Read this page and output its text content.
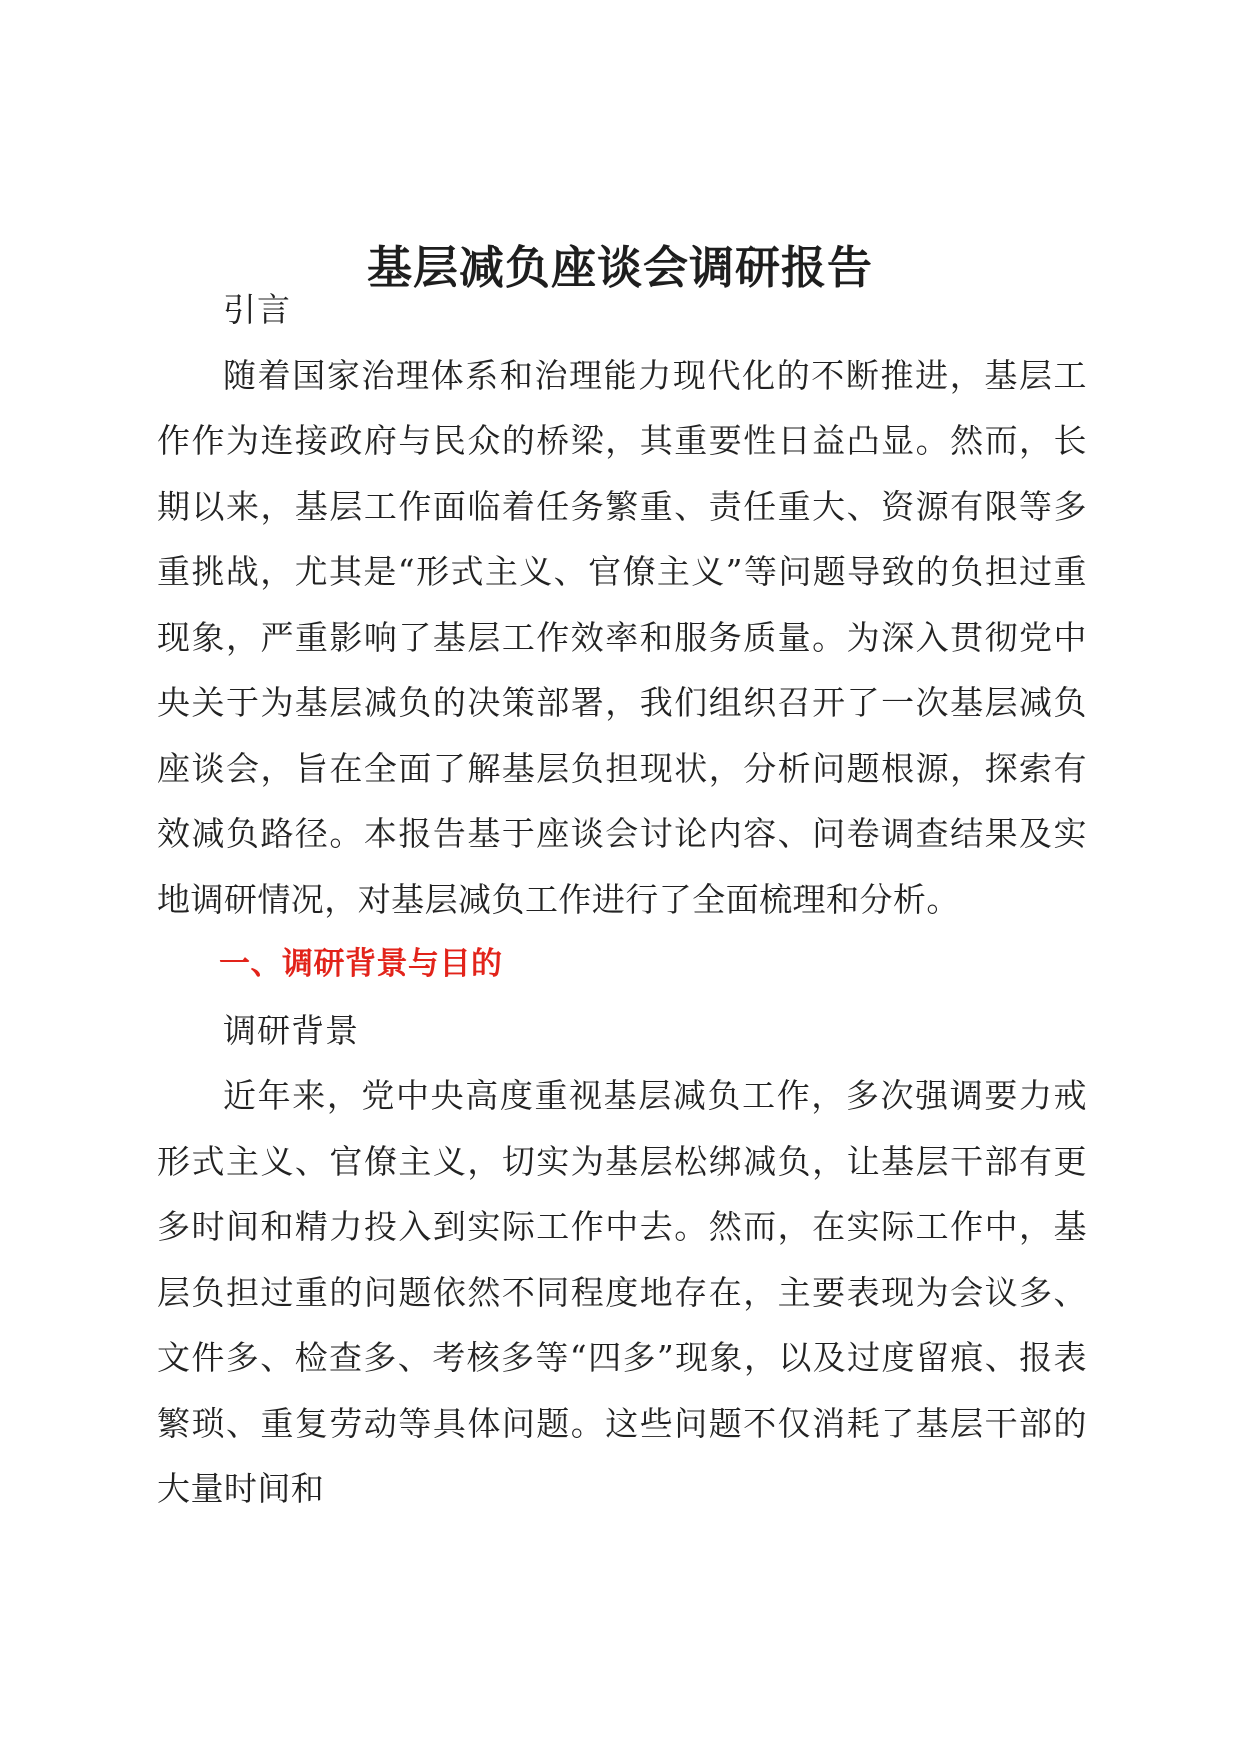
基层减负座谈会调研报告

引言

随着国家治理体系和治理能力现代化的不断推进，基层工作作为连接政府与民众的桥梁，其重要性日益凸显。然而，长期以来，基层工作面临着任务繁重、责任重大、资源有限等多重挑战，尤其是“形式主义、官僚主义”等问题导致的负担过重现象，严重影响了基层工作效率和服务质量。为深入贯彻党中央关于为基层减负的决策部署，我们组织召开了一次基层减负座谈会，旨在全面了解基层负担现状，分析问题根源，探索有效减负路径。本报告基于座谈会讨论内容、问卷调查结果及实地调研情况，对基层减负工作进行了全面梳理和分析。

一、调研背景与目的

调研背景

近年来，党中央高度重视基层减负工作，多次强调要力戒形式主义、官僚主义，切实为基层松绑减负，让基层干部有更多时间和精力投入到实际工作中去。然而，在实际工作中，基层负担过重的问题依然不同程度地存在，主要表现为会议多、文件多、检查多、考核多等“四多”现象，以及过度留痕、报表繁琐、重复劳动等具体问题。这些问题不仅消耗了基层干部的大量时间和
